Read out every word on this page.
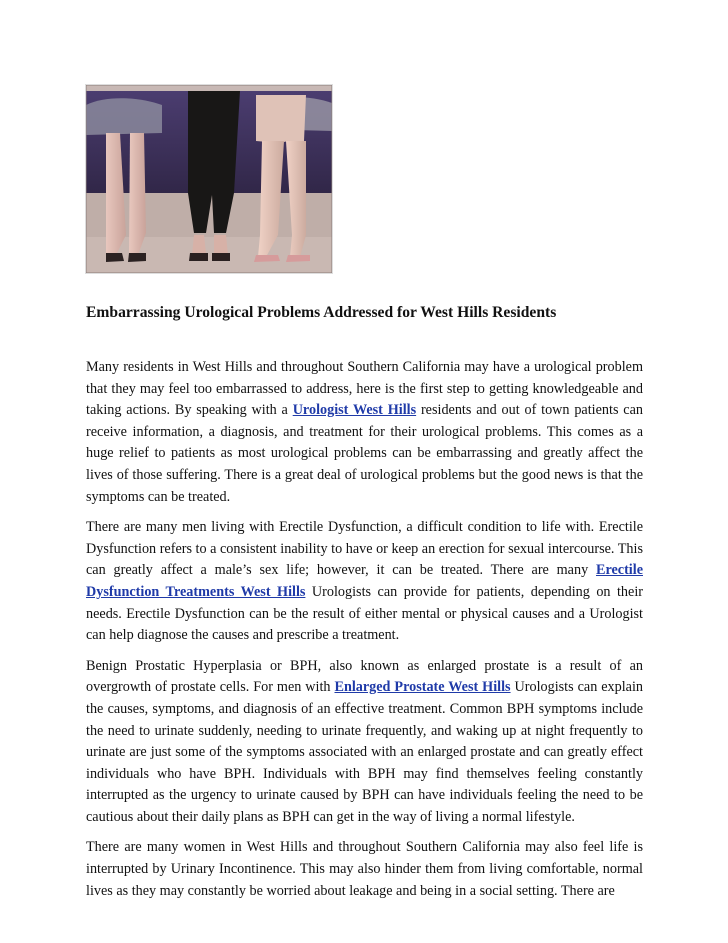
Embarrassing Urological Problems Addressed for West Hills Residents

Many residents in West Hills and throughout Southern California may have a urological problem that they may feel too embarrassed to address, here is the first step to getting knowledgeable and taking actions. By speaking with a Urologist West Hills residents and out of town patients can receive information, a diagnosis, and treatment for their urological problems. This comes as a huge relief to patients as most urological problems can be embarrassing and greatly affect the lives of those suffering. There is a great deal of urological problems but the good news is that the symptoms can be treated.

There are many men living with Erectile Dysfunction, a difficult condition to life with. Erectile Dysfunction refers to a consistent inability to have or keep an erection for sexual intercourse. This can greatly affect a male’s sex life; however, it can be treated. There are many Erectile Dysfunction Treatments West Hills Urologists can provide for patients, depending on their needs. Erectile Dysfunction can be the result of either mental or physical causes and a Urologist can help diagnose the causes and prescribe a treatment.

Benign Prostatic Hyperplasia or BPH, also known as enlarged prostate is a result of an overgrowth of prostate cells. For men with Enlarged Prostate West Hills Urologists can explain the causes, symptoms, and diagnosis of an effective treatment. Common BPH symptoms include the need to urinate suddenly, needing to urinate frequently, and waking up at night frequently to urinate are just some of the symptoms associated with an enlarged prostate and can greatly effect individuals who have BPH. Individuals with BPH may find themselves feeling constantly interrupted as the urgency to urinate caused by BPH can have individuals feeling the need to be cautious about their daily plans as BPH can get in the way of living a normal lifestyle.

There are many women in West Hills and throughout Southern California may also feel life is interrupted by Urinary Incontinence. This may also hinder them from living comfortable, normal lives as they may constantly be worried about leakage and being in a social setting. There are
